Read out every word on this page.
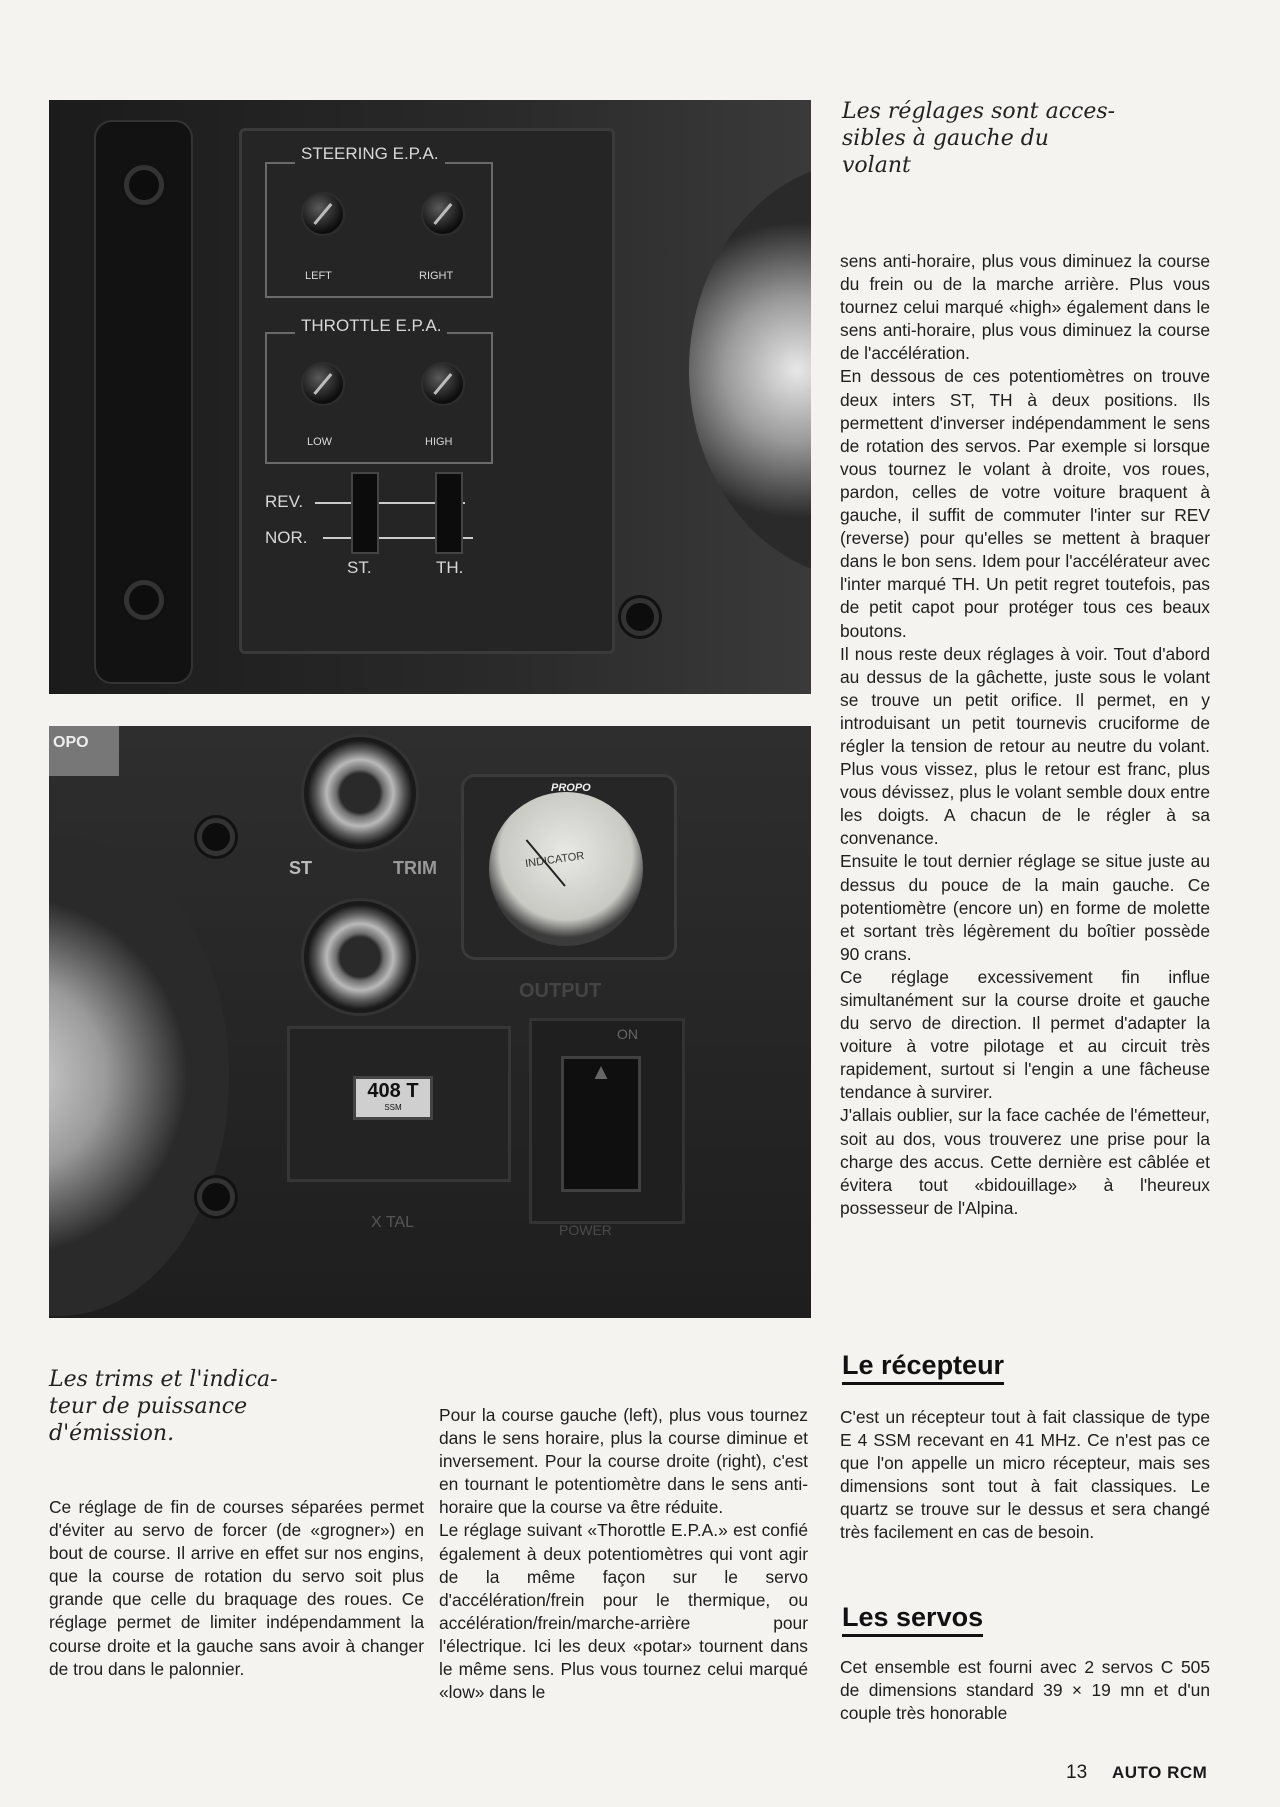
STEERING E.P.A.
LEFT	RIGHT
THROTTLE E.P.A.
LOW	HIGH
REV.
NOR.
ST.	TH.
Les réglages sont acces-
sibles à gauche du
volant
OPO
ST	TRIM
PROPO
INDICATOR
OUTPUT
408 T
SSM
X TAL
ON
▲
POWER
Les trims et l'indica-
teur de puissance
d'émission.

Ce réglage de fin de courses séparées permet d'éviter au servo de forcer (de «grogner») en bout de course. Il arrive en effet sur nos engins, que la course de rotation du servo soit plus grande que celle du braquage des roues. Ce réglage permet de limiter indépendamment la course droite et la gauche sans avoir à changer de trou dans le palonnier.

Pour la course gauche (left), plus vous tournez dans le sens horaire, plus la course diminue et inversement. Pour la course droite (right), c'est en tournant le potentiomètre dans le sens anti-horaire que la course va être réduite.

Le réglage suivant «Thorottle E.P.A.» est confié également à deux potentiomètres qui vont agir de la même façon sur le servo d'accélération/frein pour le thermique, ou accélération/frein/marche-arrière pour l'électrique. Ici les deux «potar» tournent dans le même sens. Plus vous tournez celui marqué «low» dans le

sens anti-horaire, plus vous diminuez la course du frein ou de la marche arrière. Plus vous tournez celui marqué «high» également dans le sens anti-horaire, plus vous diminuez la course de l'accélération.

En dessous de ces potentiomètres on trouve deux inters ST, TH à deux positions. Ils permettent d'inverser indépendamment le sens de rotation des servos. Par exemple si lorsque vous tournez le volant à droite, vos roues, pardon, celles de votre voiture braquent à gauche, il suffit de commuter l'inter sur REV (reverse) pour qu'elles se mettent à braquer dans le bon sens. Idem pour l'accélérateur avec l'inter marqué TH. Un petit regret toutefois, pas de petit capot pour protéger tous ces beaux boutons.

Il nous reste deux réglages à voir. Tout d'abord au dessus de la gâchette, juste sous le volant se trouve un petit orifice. Il permet, en y introduisant un petit tournevis cruciforme de régler la tension de retour au neutre du volant. Plus vous vissez, plus le retour est franc, plus vous dévissez, plus le volant semble doux entre les doigts. A chacun de le régler à sa convenance.

Ensuite le tout dernier réglage se situe juste au dessus du pouce de la main gauche. Ce potentiomètre (encore un) en forme de molette et sortant très légèrement du boîtier possède 90 crans.

Ce réglage excessivement fin influe simultanément sur la course droite et gauche du servo de direction. Il permet d'adapter la voiture à votre pilotage et au circuit très rapidement, surtout si l'engin a une fâcheuse tendance à survirer.

J'allais oublier, sur la face cachée de l'émetteur, soit au dos, vous trouverez une prise pour la charge des accus. Cette dernière est câblée et évitera tout «bidouillage» à l'heureux possesseur de l'Alpina.

Le récepteur

C'est un récepteur tout à fait classique de type E 4 SSM recevant en 41 MHz. Ce n'est pas ce que l'on appelle un micro récepteur, mais ses dimensions sont tout à fait classiques. Le quartz se trouve sur le dessus et sera changé très facilement en cas de besoin.

Les servos

Cet ensemble est fourni avec 2 servos C 505 de dimensions standard 39 × 19 mn et d'un couple très honorable

13 AUTO RCM
